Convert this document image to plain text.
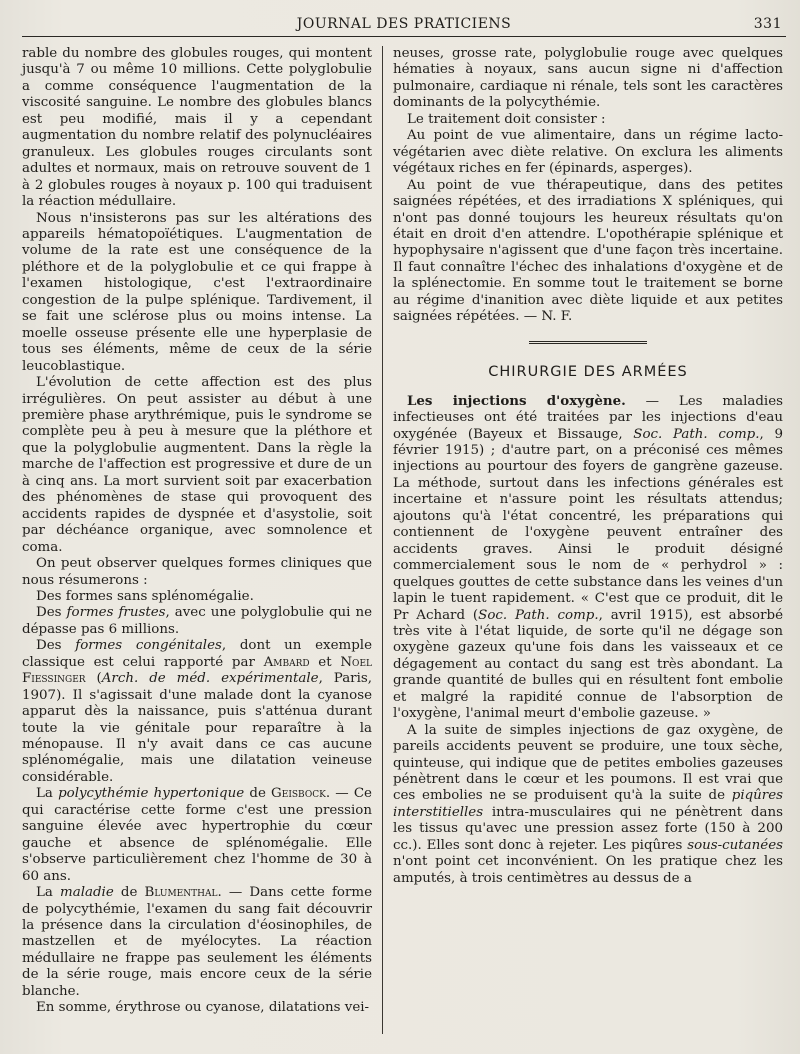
JOURNAL DES PRATICIENS	331

rable du nombre des globules rouges, qui montent jusqu'à 7 ou même 10 millions. Cette polyglobulie a comme conséquence l'augmentation de la viscosité sanguine. Le nombre des globules blancs est peu modifié, mais il y a cependant augmentation du nombre relatif des polynucléaires granuleux. Les globules rouges circulants sont adultes et normaux, mais on retrouve souvent de 1 à 2 globules rouges à noyaux p. 100 qui traduisent la réaction médullaire.

Nous n'insisterons pas sur les altérations des appareils hématopoïétiques. L'augmentation de volume de la rate est une conséquence de la pléthore et de la polyglobulie et ce qui frappe à l'examen histologique, c'est l'extraordinaire congestion de la pulpe splénique. Tardivement, il se fait une sclérose plus ou moins intense. La moelle osseuse présente elle une hyperplasie de tous ses éléments, même de ceux de la série leucoblastique.

L'évolution de cette affection est des plus irrégulières. On peut assister au début à une première phase arythrémique, puis le syndrome se complète peu à peu à mesure que la pléthore et que la polyglobulie augmentent. Dans la règle la marche de l'affection est progressive et dure de un à cinq ans. La mort survient soit par exacerbation des phénomènes de stase qui provoquent des accidents rapides de dyspnée et d'asystolie, soit par déchéance organique, avec somnolence et coma.

On peut observer quelques formes cliniques que nous résumerons :

Des formes sans splénomégalie.

Des formes frustes, avec une polyglobulie qui ne dépasse pas 6 millions.

Des formes congénitales, dont un exemple classique est celui rapporté par Ambard et Noel Fiessinger (Arch. de méd. expérimentale, Paris, 1907). Il s'agissait d'une malade dont la cyanose apparut dès la naissance, puis s'atténua durant toute la vie génitale pour reparaître à la ménopause. Il n'y avait dans ce cas aucune splénomégalie, mais une dilatation veineuse considérable.

La polycythémie hypertonique de Geisbock. — Ce qui caractérise cette forme c'est une pression sanguine élevée avec hypertrophie du cœur gauche et absence de splénomégalie. Elle s'observe particulièrement chez l'homme de 30 à 60 ans.

La maladie de Blumenthal. — Dans cette forme de polycythémie, l'examen du sang fait découvrir la présence dans la circulation d'éosinophiles, de mastzellen et de myélocytes. La réaction médullaire ne frappe pas seulement les éléments de la série rouge, mais encore ceux de la série blanche.

En somme, érythrose ou cyanose, dilatations vei-

neuses, grosse rate, polyglobulie rouge avec quelques hématies à noyaux, sans aucun signe ni d'affection pulmonaire, cardiaque ni rénale, tels sont les caractères dominants de la polycythémie.

Le traitement doit consister :

Au point de vue alimentaire, dans un régime lacto-végétarien avec diète relative. On exclura les aliments végétaux riches en fer (épinards, asperges).

Au point de vue thérapeutique, dans des petites saignées répétées, et des irradiations X spléniques, qui n'ont pas donné toujours les heureux résultats qu'on était en droit d'en attendre. L'opothérapie splénique et hypophysaire n'agissent que d'une façon très incertaine. Il faut connaître l'échec des inhalations d'oxygène et de la splénectomie. En somme tout le traitement se borne au régime d'inanition avec diète liquide et aux petites saignées répétées. — N. F.

CHIRURGIE DES ARMÉES

Les injections d'oxygène. — Les maladies infectieuses ont été traitées par les injections d'eau oxygénée (Bayeux et Bissauge, Soc. Path. comp., 9 février 1915) ; d'autre part, on a préconisé ces mêmes injections au pourtour des foyers de gangrène gazeuse. La méthode, surtout dans les infections générales est incertaine et n'assure point les résultats attendus; ajoutons qu'à l'état concentré, les préparations qui contiennent de l'oxygène peuvent entraîner des accidents graves. Ainsi le produit désigné commercialement sous le nom de « perhydrol » : quelques gouttes de cette substance dans les veines d'un lapin le tuent rapidement. « C'est que ce produit, dit le Pr Achard (Soc. Path. comp., avril 1915), est absorbé très vite à l'état liquide, de sorte qu'il ne dégage son oxygène gazeux qu'une fois dans les vaisseaux et ce dégagement au contact du sang est très abondant. La grande quantité de bulles qui en résultent font embolie et malgré la rapidité connue de l'absorption de l'oxygène, l'animal meurt d'embolie gazeuse. »

A la suite de simples injections de gaz oxygène, de pareils accidents peuvent se produire, une toux sèche, quinteuse, qui indique que de petites embolies gazeuses pénètrent dans le cœur et les poumons. Il est vrai que ces embolies ne se produisent qu'à la suite de piqûres interstitielles intra-musculaires qui ne pénètrent dans les tissus qu'avec une pression assez forte (150 à 200 cc.). Elles sont donc à rejeter. Les piqûres sous-cutanées n'ont point cet inconvénient. On les pratique chez les amputés, à trois centimètres au dessus de a
